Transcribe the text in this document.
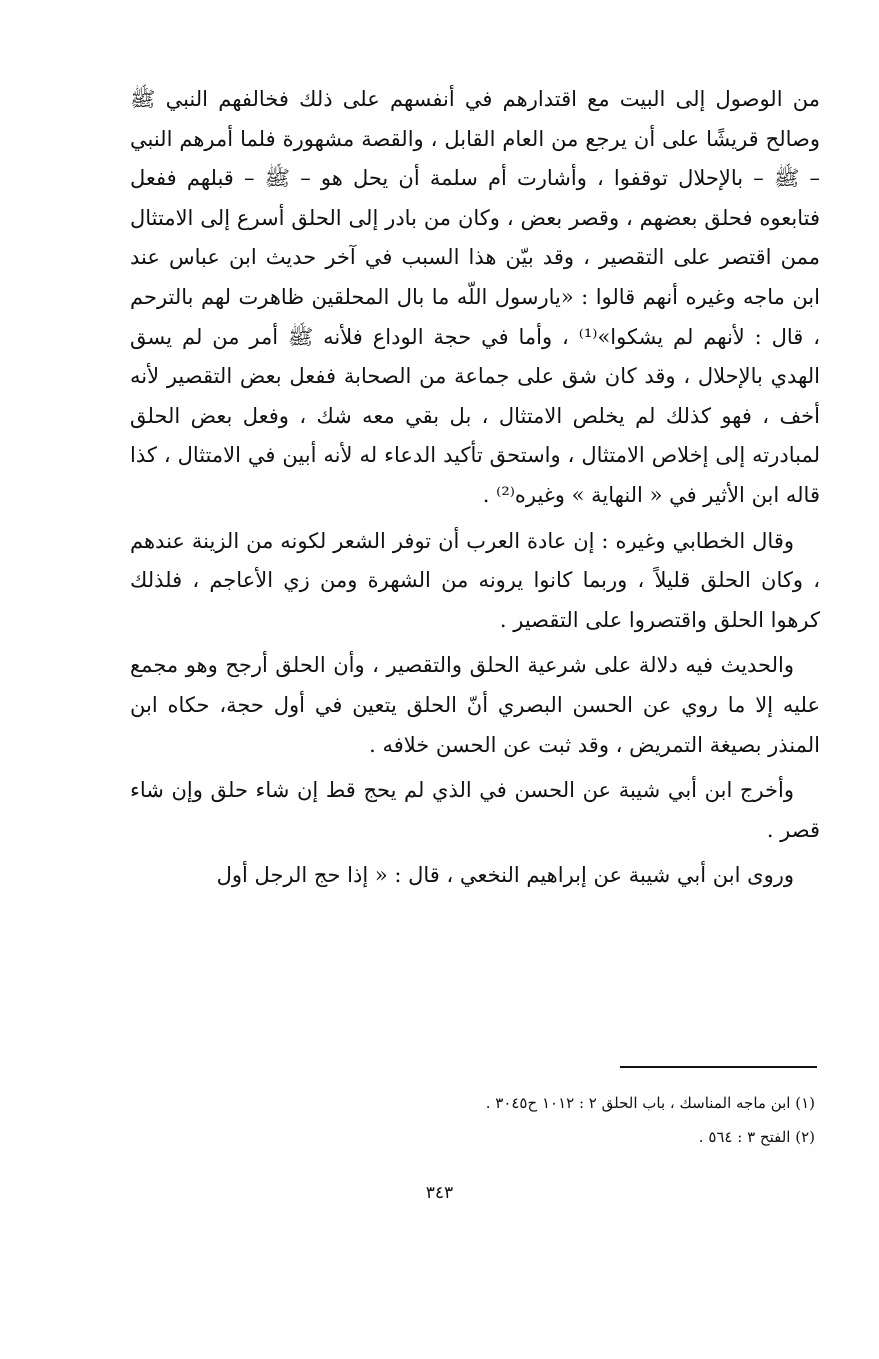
من الوصول إلى البيت مع اقتدارهم في أنفسهم على ذلك فخالفهم النبي ﷺ وصالح قريشًا على أن يرجع من العام القابل ، والقصة مشهورة فلما أمرهم النبي – ﷺ – بالإحلال توقفوا ، وأشارت أم سلمة أن يحل هو – ﷺ – قبلهم ففعل فتابعوه فحلق بعضهم ، وقصر بعض ، وكان من بادر إلى الحلق أسرع إلى الامتثال ممن اقتصر على التقصير ، وقد بيّن هذا السبب في آخر حديث ابن عباس عند ابن ماجه وغيره أنهم قالوا : «يارسول اللّه ما بال المحلقين ظاهرت لهم بالترحم ، قال : لأنهم لم يشكوا»⁽¹⁾ ، وأما في حجة الوداع فلأنه ﷺ أمر من لم يسق الهدي بالإحلال ، وقد كان شق على جماعة من الصحابة ففعل بعض التقصير لأنه أخف ، فهو كذلك لم يخلص الامتثال ، بل بقي معه شك ، وفعل بعض الحلق لمبادرته إلى إخلاص الامتثال ، واستحق تأكيد الدعاء له لأنه أبين في الامتثال ، كذا قاله ابن الأثير في « النهاية » وغيره⁽²⁾ .

وقال الخطابي وغيره : إن عادة العرب أن توفر الشعر لكونه من الزينة عندهم ، وكان الحلق قليلاً ، وربما كانوا يرونه من الشهرة ومن زي الأعاجم ، فلذلك كرهوا الحلق واقتصروا على التقصير .

والحديث فيه دلالة على شرعية الحلق والتقصير ، وأن الحلق أرجح وهو مجمع عليه إلا ما روي عن الحسن البصري أنّ الحلق يتعين في أول حجة، حكاه ابن المنذر بصيغة التمريض ، وقد ثبت عن الحسن خلافه .

وأخرج ابن أبي شيبة عن الحسن في الذي لم يحج قط إن شاء حلق وإن شاء قصر .

وروى ابن أبي شيبة عن إبراهيم النخعي ، قال : « إذا حج الرجل أول

(١) ابن ماجه المناسك ، باب الحلق ٢ : ١٠١٢ ح٣٠٤٥ .

(٢) الفتح ٣ : ٥٦٤ .

٣٤٣
